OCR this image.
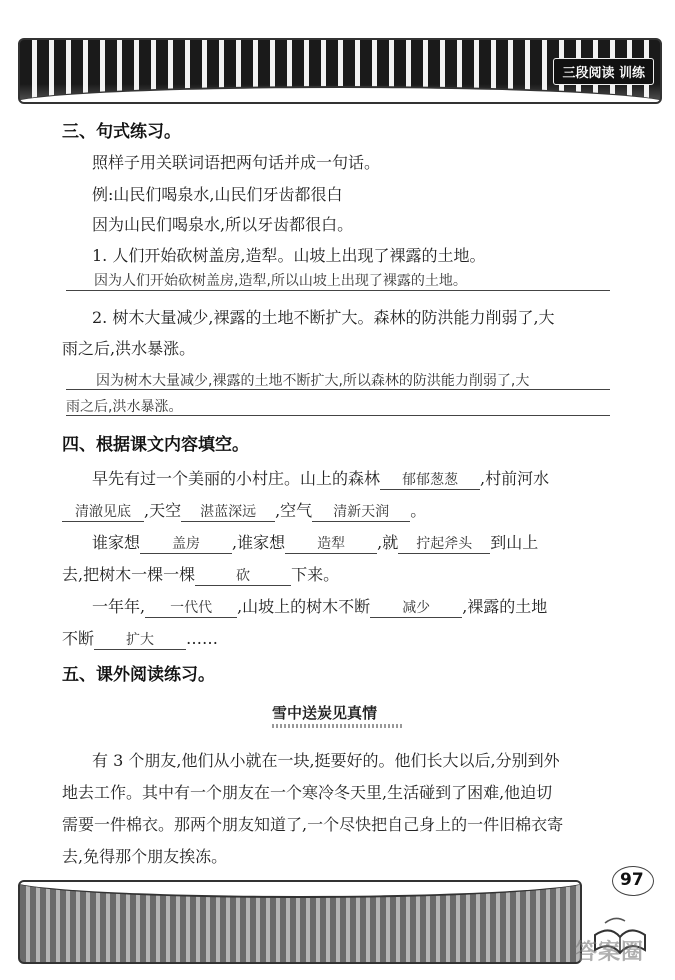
三段阅读 训练
三、句式练习。
照样子用关联词语把两句话并成一句话。
例:山民们喝泉水,山民们牙齿都很白
因为山民们喝泉水,所以牙齿都很白。
1. 人们开始砍树盖房,造犁。山坡上出现了裸露的土地。
因为人们开始砍树盖房,造犁,所以山坡上出现了裸露的土地。
2. 树木大量减少,裸露的土地不断扩大。森林的防洪能力削弱了,大
雨之后,洪水暴涨。
因为树木大量减少,裸露的土地不断扩大,所以森林的防洪能力削弱了,大
雨之后,洪水暴涨。
四、根据课文内容填空。
早先有过一个美丽的小村庄。山上的森林 郁郁葱葱 ,村前河水
清澈见底 ,天空 湛蓝深远 ,空气 清新天润 。
谁家想 盖房 ,谁家想 造犁 ,就 拧起斧头 到山上
去,把树木一棵一棵	砍	下来。
一年年, 一代代 ,山坡上的树木不断 减少 ,裸露的土地
不断 扩大 ……
五、课外阅读练习。
雪中送炭见真情
有 3 个朋友,他们从小就在一块,挺要好的。他们长大以后,分别到外
地去工作。其中有一个朋友在一个寒冷冬天里,生活碰到了困难,他迫切
需要一件棉衣。那两个朋友知道了,一个尽快把自己身上的一件旧棉衣寄
去,免得那个朋友挨冻。
97
答案圈
